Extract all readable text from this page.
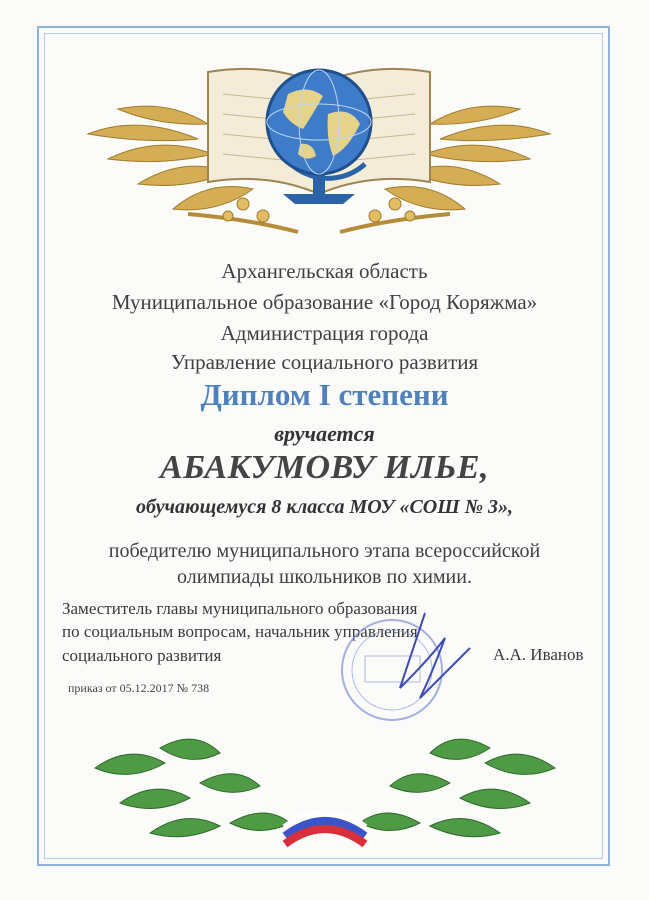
Архангельская область
Муниципальное образование «Город Коряжма»
Администрация города
Управление социального развития
Диплом I степени
вручается
АБАКУМОВУ ИЛЬЕ,
обучающемуся 8 класса МОУ «СОШ № 3»,
победителю муниципального этапа всероссийской
олимпиады школьников по химии.
Заместитель главы муниципального образования
по социальным вопросам, начальник управления
социального развития	А.А. Иванов
приказ от 05.12.2017 № 738
